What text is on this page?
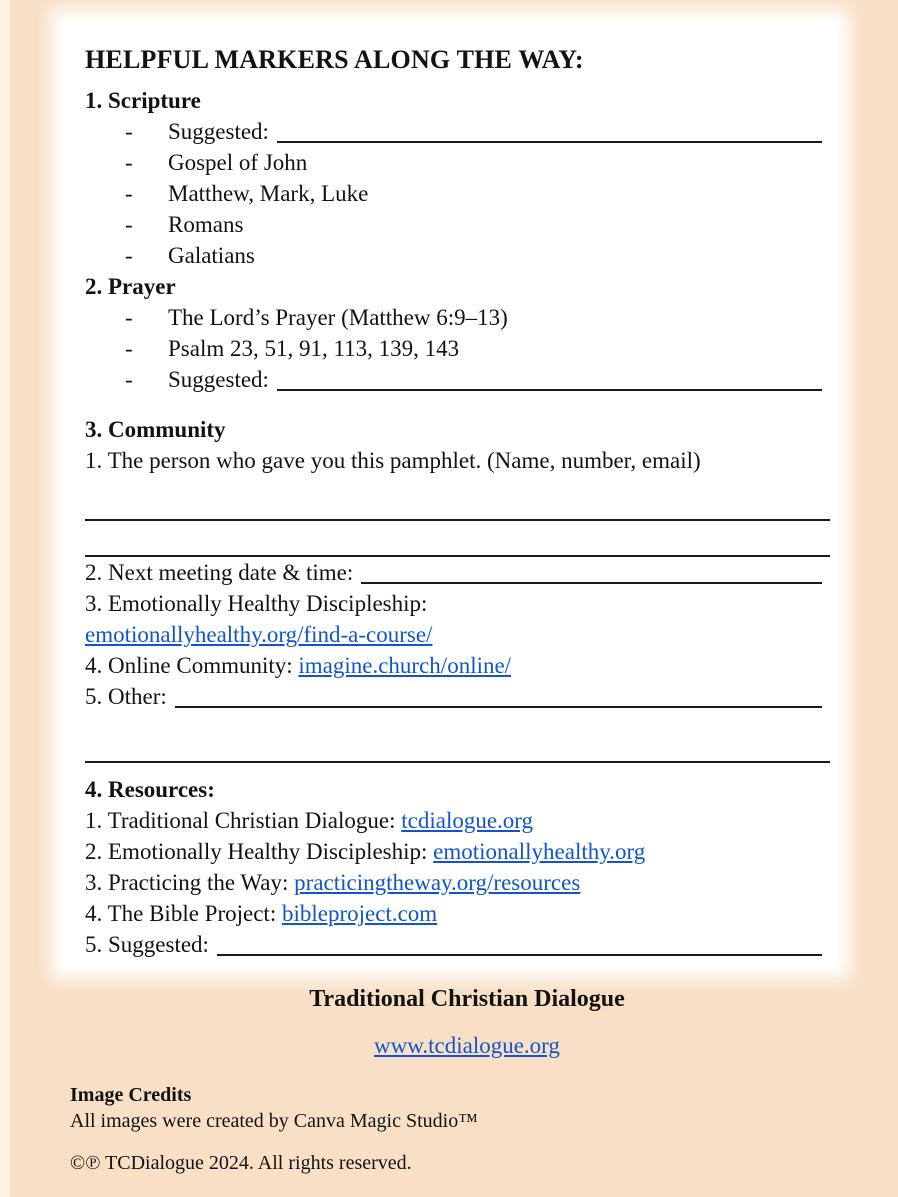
HELPFUL MARKERS ALONG THE WAY:
1. Scripture
-	Suggested:
-	Gospel of John
-	Matthew, Mark, Luke
-	Romans
-	Galatians
2. Prayer
-	The Lord’s Prayer (Matthew 6:9–13)
-	Psalm 23, 51, 91, 113, 139, 143
-	Suggested:
3. Community
1. The person who gave you this pamphlet. (Name, number, email)
2. Next meeting date & time:
3. Emotionally Healthy Discipleship:
emotionallyhealthy.org/find-a-course/
4. Online Community: imagine.church/online/
5. Other:
4. Resources:
1. Traditional Christian Dialogue: tcdialogue.org
2. Emotionally Healthy Discipleship: emotionallyhealthy.org
3. Practicing the Way: practicingtheway.org/resources
4. The Bible Project: bibleproject.com
5. Suggested:
Traditional Christian Dialogue
www.tcdialogue.org
Image Credits
All images were created by Canva Magic Studio™
©℗ TCDialogue 2024. All rights reserved.
